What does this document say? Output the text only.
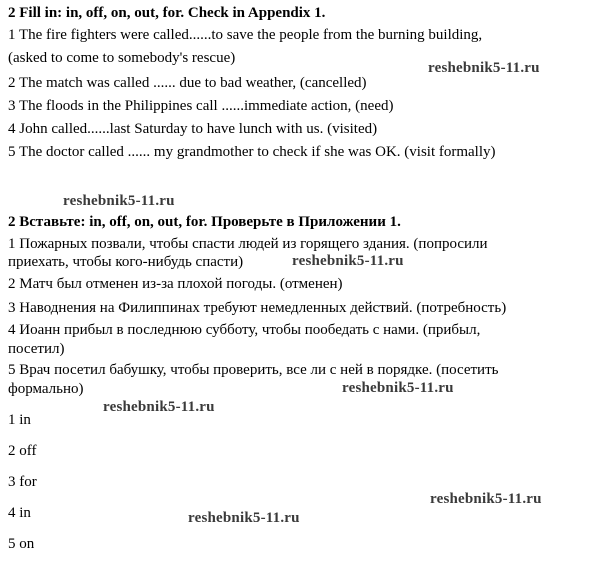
2 Fill in: in, off, on, out, for. Check in Appendix 1.
1 The fire fighters were called......to save the people from the burning building,
(asked to come to somebody's rescue)
2 The match was called ...... due to bad weather, (cancelled)
3 The floods in the Philippines call ......immediate action, (need)
4 John called......last Saturday to have lunch with us. (visited)
5 The doctor called ...... my grandmother to check if she was OK. (visit formally)
2 Вставьте: in, off, on, out, for. Проверьте в Приложении 1.
1 Пожарных позвали, чтобы спасти людей из горящего здания. (попросили
приехать, чтобы кого-нибудь спасти)
2 Матч был отменен из-за плохой погоды. (отменен)
3 Наводнения на Филиппинах требуют немедленных действий. (потребность)
4 Иоанн прибыл в последнюю субботу, чтобы пообедать с нами. (прибыл,
посетил)
5 Врач посетил бабушку, чтобы проверить, все ли с ней в порядке. (посетить
формально)
1 in
2 off
3 for
4 in
5 on
reshebnik5-11.ru
reshebnik5-11.ru
reshebnik5-11.ru
reshebnik5-11.ru
reshebnik5-11.ru
reshebnik5-11.ru
reshebnik5-11.ru
